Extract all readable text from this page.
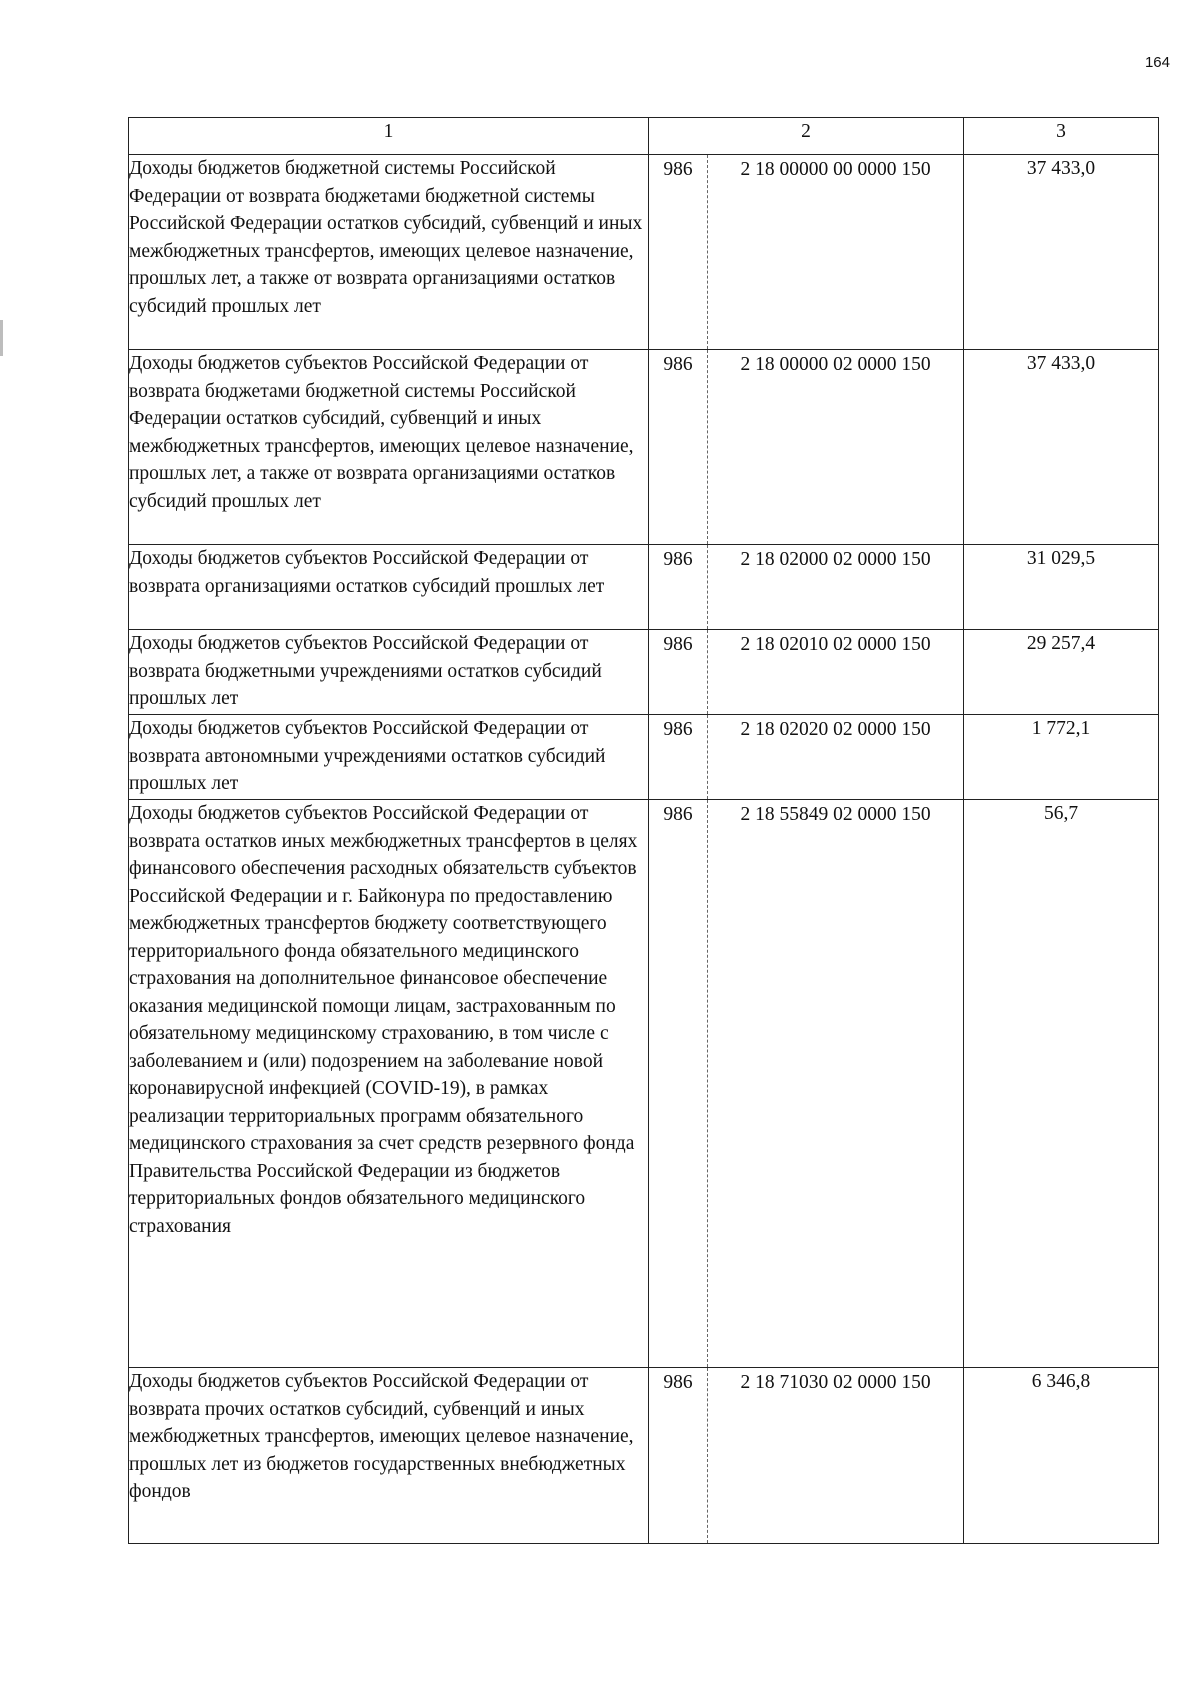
164
1	2	3
Доходы бюджетов бюджетной системы Российской Федерации от возврата бюджетами бюджетной системы Российской Федерации остатков субсидий, субвенций и иных межбюджетных трансфертов, имеющих целевое назначение, прошлых лет, а также от возврата организациями остатков субсидий прошлых лет	986 2 18 00000 00 0000 150	37 433,0
Доходы бюджетов субъектов Российской Федерации от возврата бюджетами бюджетной системы Российской Федерации остатков субсидий, субвенций и иных межбюджетных трансфертов, имеющих целевое назначение, прошлых лет, а также от возврата организациями остатков субсидий прошлых лет	986 2 18 00000 02 0000 150	37 433,0
Доходы бюджетов субъектов Российской Федерации от возврата организациями остатков субсидий прошлых лет	986 2 18 02000 02 0000 150	31 029,5
Доходы бюджетов субъектов Российской Федерации от возврата бюджетными учреждениями остатков субсидий прошлых лет	986 2 18 02010 02 0000 150	29 257,4
Доходы бюджетов субъектов Российской Федерации от возврата автономными учреждениями остатков субсидий прошлых лет	986 2 18 02020 02 0000 150	1 772,1
Доходы бюджетов субъектов Российской Федерации от возврата остатков иных межбюджетных трансфертов в целях финансового обеспечения расходных обязательств субъектов Российской Федерации и г. Байконура по предоставлению межбюджетных трансфертов бюджету соответствующего территориального фонда обязательного медицинского страхования на дополнительное финансовое обеспечение оказания медицинской помощи лицам, застрахованным по обязательному медицинскому страхованию, в том числе с заболеванием и (или) подозрением на заболевание новой коронавирусной инфекцией (COVID-19), в рамках реализации территориальных программ обязательного медицинского страхования за счет средств резервного фонда Правительства Российской Федерации из бюджетов территориальных фондов обязательного медицинского страхования	986 2 18 55849 02 0000 150	56,7
Доходы бюджетов субъектов Российской Федерации от возврата прочих остатков субсидий, субвенций и иных межбюджетных трансфертов, имеющих целевое назначение, прошлых лет из бюджетов государственных внебюджетных фондов	986 2 18 71030 02 0000 150	6 346,8
